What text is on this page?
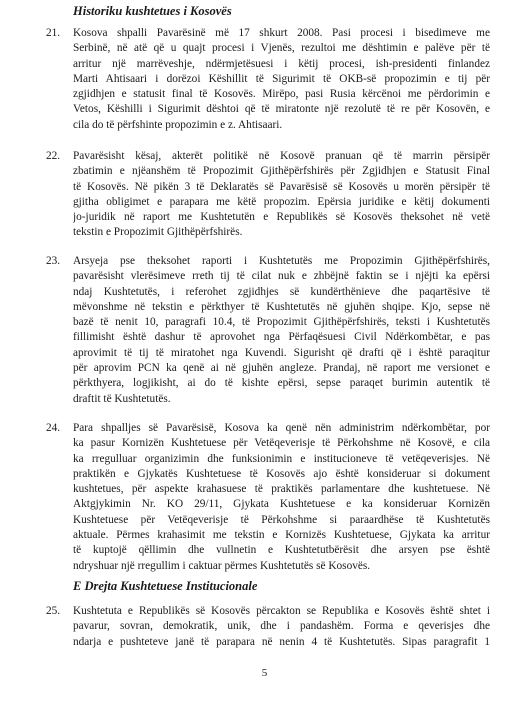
Historiku kushtetues i Kosovës
21.	Kosova shpalli Pavarësinë më 17 shkurt 2008. Pasi procesi i bisedimeve me
Serbinë, në atë që u quajt procesi i Vjenës, rezultoi me dështimin e palëve për të
arritur një marrëveshje, ndërmjetësuesi i këtij procesi, ish-presidenti finlandez
Marti Ahtisaari i dorëzoi Këshillit të Sigurimit të OKB-së propozimin e tij për
zgjidhjen e statusit final të Kosovës. Mirëpo, pasi Rusia kërcënoi me përdorimin e
Vetos, Këshilli i Sigurimit dështoi që të miratonte një rezolutë të re për Kosovën, e
cila do të përfshinte propozimin e z. Ahtisaari.
22.	Pavarësisht kësaj, akterët politikë në Kosovë pranuan që të marrin përsipër
zbatimin e njëanshëm të Propozimit Gjithëpërfshirës për Zgjidhjen e Statusit Final
të Kosovës. Në pikën 3 të Deklaratës së Pavarësisë së Kosovës u morën përsipër të
gjitha obligimet e parapara me këtë propozim. Epërsia juridike e këtij dokumenti
jo-juridik në raport me Kushtetutën e Republikës së Kosovës theksohet në vetë
tekstin e Propozimit Gjithëpërfshirës.
23.	Arsyeja pse theksohet raporti i Kushtetutës me Propozimin Gjithëpërfshirës,
pavarësisht vlerësimeve rreth tij të cilat nuk e zhbëjnë faktin se i njëjti ka epërsi
ndaj Kushtetutës, i referohet zgjidhjes së kundërthënieve dhe paqartësive të
mëvonshme në tekstin e përkthyer të Kushtetutës në gjuhën shqipe. Kjo, sepse në
bazë të nenit 10, paragrafi 10.4, të Propozimit Gjithëpërfshirës, teksti i Kushtetutës
fillimisht është dashur të aprovohet nga Përfaqësuesi Civil Ndërkombëtar, e pas
aprovimit të tij të miratohet nga Kuvendi. Sigurisht që drafti që i është paraqitur
për aprovim PCN ka qenë ai në gjuhën angleze. Prandaj, në raport me versionet e
përkthyera, logjikisht, ai do të kishte epërsi, sepse paraqet burimin autentik të
draftit të Kushtetutës.
24.	Para shpalljes së Pavarësisë, Kosova ka qenë nën administrim ndërkombëtar, por
ka pasur Kornizën Kushtetuese për Vetëqeverisje të Përkohshme në Kosovë, e cila
ka rregulluar organizimin dhe funksionimin e institucioneve të vetëqeverisjes. Në
praktikën e Gjykatës Kushtetuese të Kosovës ajo është konsideruar si dokument
kushtetues, për aspekte krahasuese të praktikës parlamentare dhe kushtetuese. Në
Aktgjykimin Nr. KO 29/11, Gjykata Kushtetuese e ka konsideruar Kornizën
Kushtetuese për Vetëqeverisje të Përkohshme si paraardhëse të Kushtetutës
aktuale. Përmes krahasimit me tekstin e Kornizës Kushtetuese, Gjykata ka arritur
të kuptojë qëllimin dhe vullnetin e Kushtetutbërësit dhe arsyen pse është
ndryshuar një rregullim i caktuar përmes Kushtetutës së Kosovës.
E Drejta Kushtetuese Institucionale
25.	Kushtetuta e Republikës së Kosovës përcakton se Republika e Kosovës është shtet i
pavarur, sovran, demokratik, unik, dhe i pandashëm. Forma e qeverisjes dhe
ndarja e pushteteve janë të parapara në nenin 4 të Kushtetutës. Sipas paragrafit 1
5
